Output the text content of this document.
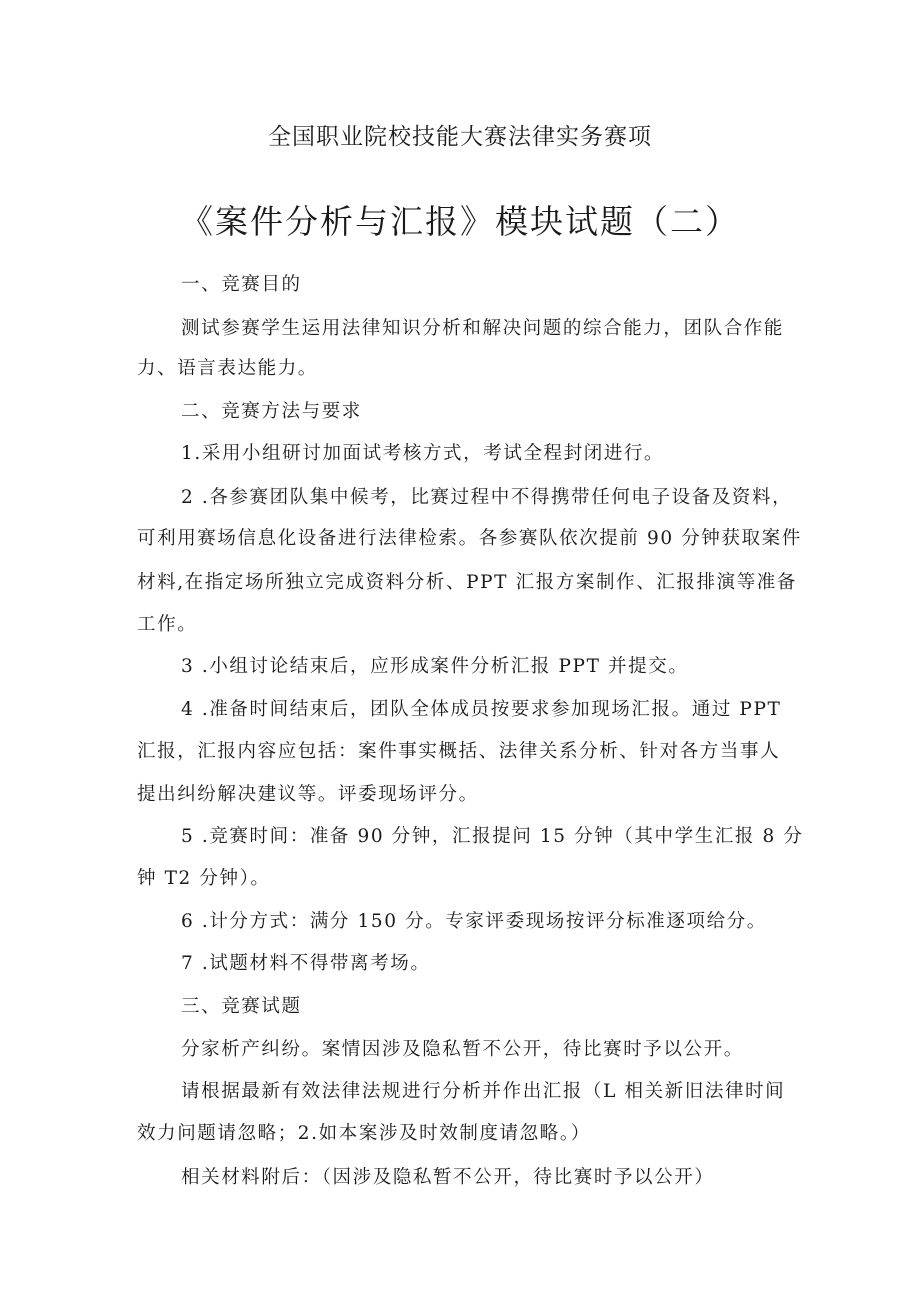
全国职业院校技能大赛法律实务赛项
《案件分析与汇报》模块试题（二）
一、竞赛目的
测试参赛学生运用法律知识分析和解决问题的综合能力，团队合作能
力、语言表达能力。
二、竞赛方法与要求
1.采用小组研讨加面试考核方式，考试全程封闭进行。
2 .各参赛团队集中候考，比赛过程中不得携带任何电子设备及资料，
可利用赛场信息化设备进行法律检索。各参赛队依次提前 90 分钟获取案件
材料,在指定场所独立完成资料分析、PPT 汇报方案制作、汇报排演等准备
工作。
3 .小组讨论结束后，应形成案件分析汇报 PPT 并提交。
4 .准备时间结束后，团队全体成员按要求参加现场汇报。通过 PPT
汇报，汇报内容应包括：案件事实概括、法律关系分析、针对各方当事人
提出纠纷解决建议等。评委现场评分。
5 .竞赛时间：准备 90 分钟，汇报提问 15 分钟（其中学生汇报 8 分
钟 T2 分钟）。
6 .计分方式：满分 150 分。专家评委现场按评分标准逐项给分。
7 .试题材料不得带离考场。
三、竞赛试题
分家析产纠纷。案情因涉及隐私暂不公开，待比赛时予以公开。
请根据最新有效法律法规进行分析并作出汇报（L 相关新旧法律时间
效力问题请忽略；2.如本案涉及时效制度请忽略。）
相关材料附后：（因涉及隐私暂不公开，待比赛时予以公开）
